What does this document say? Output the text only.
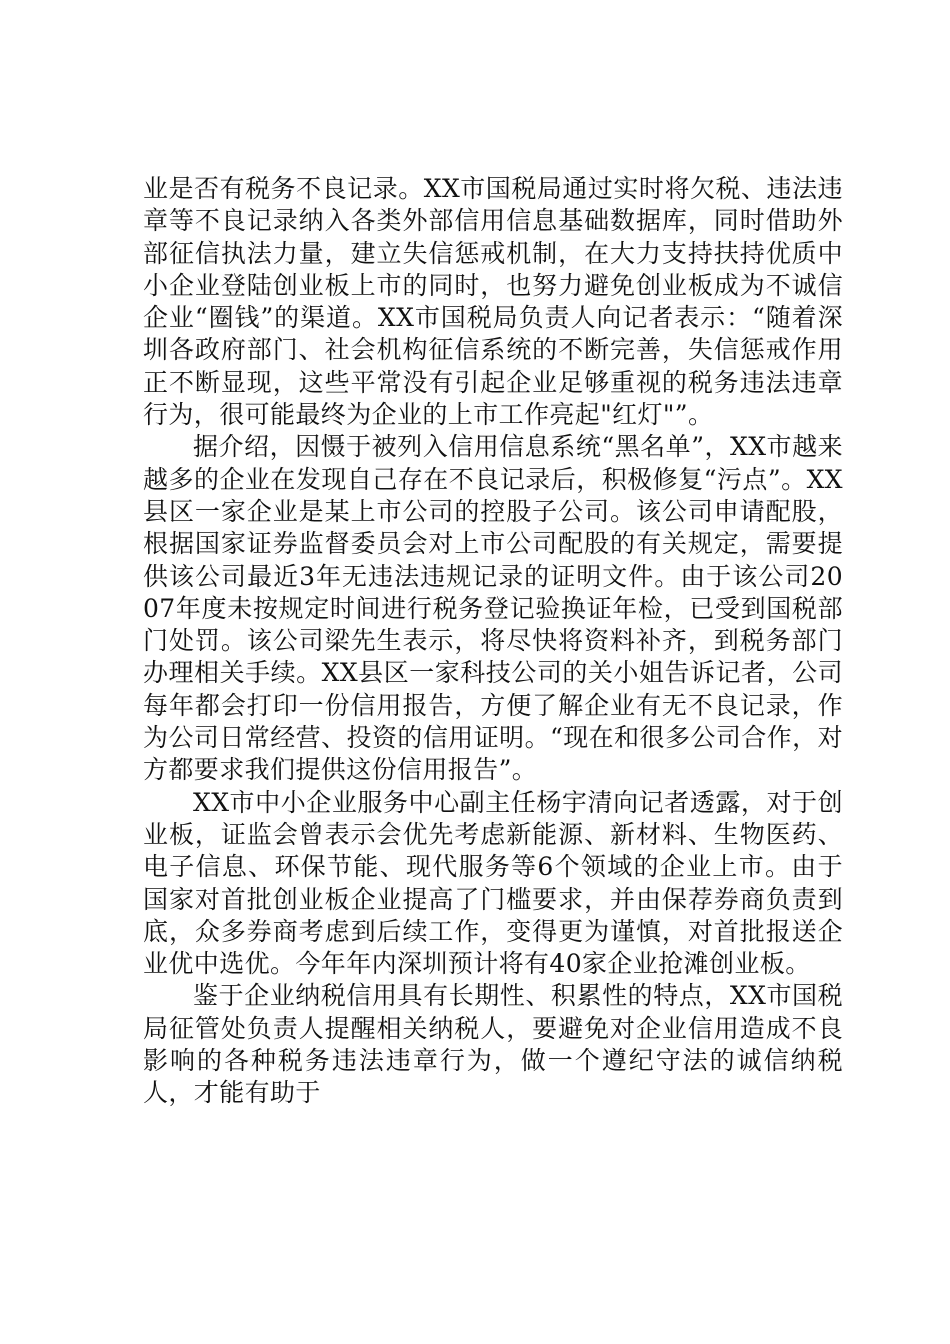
业是否有税务不良记录。XX市国税局通过实时将欠税、违法违章等不良记录纳入各类外部信用信息基础数据库，同时借助外部征信执法力量，建立失信惩戒机制，在大力支持扶持优质中小企业登陆创业板上市的同时，也努力避免创业板成为不诚信企业“圈钱”的渠道。XX市国税局负责人向记者表示：“随着深圳各政府部门、社会机构征信系统的不断完善，失信惩戒作用正不断显现，这些平常没有引起企业足够重视的税务违法违章行为，很可能最终为企业的上市工作亮起"红灯"”。

据介绍，因慑于被列入信用信息系统“黑名单”，XX市越来越多的企业在发现自己存在不良记录后，积极修复“污点”。XX县区一家企业是某上市公司的控股子公司。该公司申请配股，根据国家证券监督委员会对上市公司配股的有关规定，需要提供该公司最近3年无违法违规记录的证明文件。由于该公司2007年度未按规定时间进行税务登记验换证年检，已受到国税部门处罚。该公司梁先生表示，将尽快将资料补齐，到税务部门办理相关手续。XX县区一家科技公司的关小姐告诉记者，公司每年都会打印一份信用报告，方便了解企业有无不良记录，作为公司日常经营、投资的信用证明。“现在和很多公司合作，对方都要求我们提供这份信用报告”。

XX市中小企业服务中心副主任杨宇清向记者透露，对于创业板，证监会曾表示会优先考虑新能源、新材料、生物医药、电子信息、环保节能、现代服务等6个领域的企业上市。由于国家对首批创业板企业提高了门槛要求，并由保荐券商负责到底，众多券商考虑到后续工作，变得更为谨慎，对首批报送企业优中选优。今年年内深圳预计将有40家企业抢滩创业板。

鉴于企业纳税信用具有长期性、积累性的特点，XX市国税局征管处负责人提醒相关纳税人，要避免对企业信用造成不良影响的各种税务违法违章行为，做一个遵纪守法的诚信纳税人，才能有助于
